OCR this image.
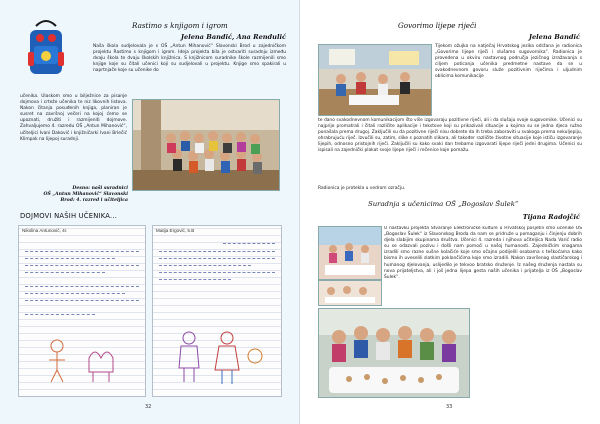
Rastimo s knjigom i igrom
Jelena Bandić, Ana Rendulić
Naša škola sudjelovala je s OŠ „Antun Mihanović“ Slavonski Brod u zajedničkom projektu Rastimo s knjigom i igrom. Ideja projekta bila je ostvariti suradnju između dvaju škola te dvaju školskih knjižnica. S knjižnicom suradnike škole razmijenili smo knjige koje su čitali učenici koji su sudjelovali u projektu. Knjige smo spakirali u naprtnjače koje su učenike do
učenika. Ulaskom smo u bilježnice za pisanje dojmova i crteže učenika te niz likovnih listova. Nakon čitanja posuđenih knjiga, planiran je susret na završnoj večeri na kojoj ćemo se upoznati, družiti i razmijeniti dojmove. Zahvaljujemo 4. razredu OŠ „Antun Mihanović“, učiteljici Ivani Daković i knjižničarki Ivani Brlečić Klimpak na lijepoj suradnji.
Desno: naši suradnici
OŠ „Antun Mihanović“ Slavonski
Brod: 4. razred i učiteljica
DOJMOVI NAŠIH UČENIKA...
Nikolina Antunović, 4r.	Matija Ergović, 5.B
32
Govorimo lijepe riječi
Jelena Bandić
Tijekom ožujka na natječaj Hrvatskog jezika održana je radionica „Govorimo lijepe riječi i slušamo sugovornika“. Radionica je provedena u okviru nastavnog područja jezičnog izražavanja s ciljem poticanja učenika predmetne nastave da se u svakodnevnom govoru služe pozitivnim riječima i uljudnim oblicima komunikacije
te dano svakodnevnom komunikacijom što više izgovaraju pozitivne riječi, ali i da slušaju svoje sugovornike. Učenici su najprije promatrali i čitali različite aplikacije i tekstove koji su prikazivali situacije u kojima su se jedna djeca ružno ponašala prema drugoj. Zaključili su da pozitivne riječi nisu dobrete da ih treba zaboraviti u svakoga prema nekuljepiju, ohrabrujuću riječ. Izvučili su, zatim, slike s poznatih slikara, ali također različite životne situacije koje ističu izgovaranje lijepih, odnosno pristojnih riječi. Zaključili su kako svaki dan trebamo izgovarati lijepe riječi jedni drugima. Učenici su ispisali na zajednički plakat svoje lijepe riječi i rečenice koje pomažu.
Radionica je protekla u vedrom ozračju.
Suradnja s učenicima OŠ „Bogoslav Šulek“
Tijana Radojčić
U nastavku projekta Stvaranje Elektroničke kulture u Hrvatskoj posjetili smo učenike OŠ „Bogoslav Šulek“ iz Slavonskog Broda da nam se pridruže u pomaganju i činjenju dobrih djela slabijim skupinama društva. Učenici 4. razreda i njihova učiteljica Nada Varić radio su se odazvali pozivu i došli nam pomoći u našoj humanosti. Zajedničkim snagama izradili smo razne sušne kolačiće koje smo očajno podijelili osobama s teškoćama kako bismo ih uveselili slatkim poklončićima koje smo izradili. Nakon završenog slastičarskog i humanog djelovanja, uslijedilo je tekvoo bratsko druženje. Iz našeg druženja nastala su nova prijateljstva, ali i još jedna lijepa gesta naših učenika i prijatelja iz OŠ „Bogoslav Šulek“.
33
